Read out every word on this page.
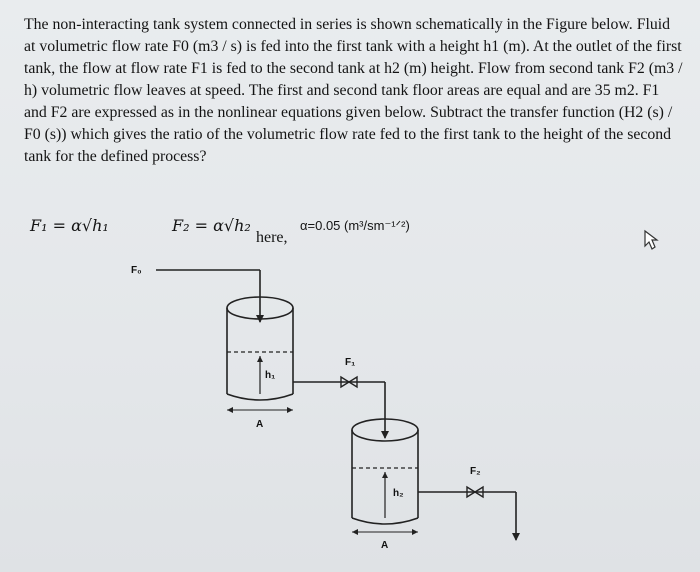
The non-interacting tank system connected in series is shown schematically in the Figure below. Fluid at volumetric flow rate F0 (m3 / s) is fed into the first tank with a height h1 (m). At the outlet of the first tank, the flow at flow rate F1 is fed to the second tank at h2 (m) height. Flow from second tank F2 (m3 / h) volumetric flow leaves at speed. The first and second tank floor areas are equal and are 35 m2. F1 and F2 are expressed as in the nonlinear equations given below. Subtract the transfer function (H2 (s) / F0 (s)) which gives the ratio of the volumetric flow rate fed to the first tank to the height of the second tank for the defined process?

F₁ = α√h₁	F₂ = α√h₂
here,
α=0.05 (m³/sm⁻¹ᐟ²)
F₀
h₁
A
F₁
h₂
A
F₂
